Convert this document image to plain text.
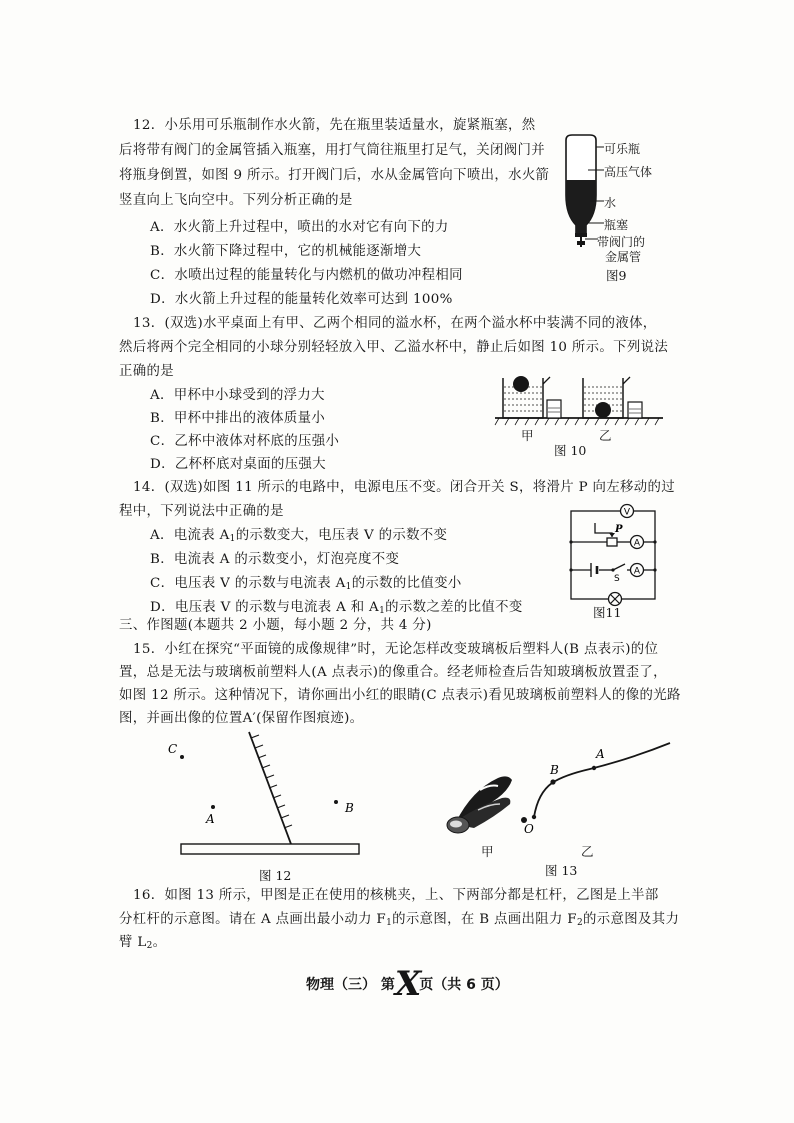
12．小乐用可乐瓶制作水火箭，先在瓶里装适量水，旋紧瓶塞，然
后将带有阀门的金属管插入瓶塞，用打气筒往瓶里打足气，关闭阀门并
将瓶身倒置，如图 9 所示。打开阀门后，水从金属管向下喷出，水火箭
竖直向上飞向空中。下列分析正确的是
A．水火箭上升过程中，喷出的水对它有向下的力
B．水火箭下降过程中，它的机械能逐渐增大
C．水喷出过程的能量转化与内燃机的做功冲程相同
D．水火箭上升过程的能量转化效率可达到 100%
可乐瓶
高压气体
水
瓶塞
带阀门的
金属管
图9
13．(双选)水平桌面上有甲、乙两个相同的溢水杯，在两个溢水杯中装满不同的液体，
然后将两个完全相同的小球分别轻轻放入甲、乙溢水杯中，静止后如图 10 所示。下列说法
正确的是
A．甲杯中小球受到的浮力大
B．甲杯中排出的液体质量小
C．乙杯中液体对杯底的压强小
D．乙杯杯底对桌面的压强大
甲	乙
图 10
14．(双选)如图 11 所示的电路中，电源电压不变。闭合开关 S，将滑片 P 向左移动的过
程中，下列说法中正确的是
A．电流表 $A_1$的示数变大，电压表 V 的示数不变
B．电流表 A 的示数变小，灯泡亮度不变
C．电压表 V 的示数与电流表 $A_1$的示数的比值变小
D．电压表 V 的示数与电流表 A 和 $A_1$的示数之差的比值不变
V
A
A
P
S
图11
三、作图题(本题共 2 小题，每小题 2 分，共 4 分)
15．小红在探究“平面镜的成像规律”时，无论怎样改变玻璃板后塑料人(B 点表示)的位
置，总是无法与玻璃板前塑料人(A 点表示)的像重合。经老师检查后告知玻璃板放置歪了，
如图 12 所示。这种情况下，请你画出小红的眼睛(C 点表示)看见玻璃板前塑料人的像的光路
图，并画出像的位置A′(保留作图痕迹)。
C
A
B
图 12
O
B
A
甲	乙
图 13
16．如图 13 所示，甲图是正在使用的核桃夹，上、下两部分都是杠杆，乙图是上半部
分杠杆的示意图。请在 A 点画出最小动力 $F_1$的示意图，在 B 点画出阻力 $F_2$的示意图及其力
臂 $L_2$。
物理（三） 第X页（共 6 页）
